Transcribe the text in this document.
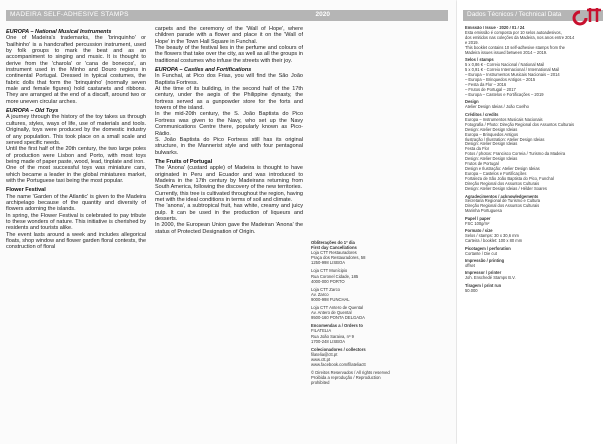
MADEIRA SELF-ADHESIVE STAMPS	2020	Dados Técnicos / Technical Data
EUROPA – National Musical Instruments

One of Madeira's trademarks, the 'brinquinho' or 'bailhinho' is a handcrafted percussion instrument, used by folk groups to mark the beat and as an accompaniment to singing and music. It is thought to derive from the 'charola' or 'cana de bonecos', an instrument used in the Minho and Douro regions in continental Portugal. Dressed in typical costumes, the fabric dolls that form the 'brinquinho' (normally seven male and female figures) hold castanets and ribbons. They are arranged at the end of a discaff, around two or more uneven circular arches.

EUROPA – Old Toys

A journey through the history of the toy takes us through cultures, styles, ways of life, use of materials and tools. Originally, toys were produced by the domestic industry of any population. This took place on a small scale and served specific needs.

Until the first half of the 20th century, the two large poles of production were Lisbon and Porto, with most toys being made of paper paste, wood, lead, tinplate and iron.

One of the most successful toys was miniature cars, which became a leader in the global miniatures market, with the Portuguese taxi being the most popular.

Flower Festival

The name 'Garden of the Atlantic' is given to the Madeira archipelago because of the quantity and diversity of flowers adorning the islands.

In spring, the Flower Festival is celebrated to pay tribute to these wonders of nature. This initiative is cherished by residents and tourists alike.

The event lasts around a week and includes allegorical floats, shop window and flower garden floral contests, the construction of floral

carpets and the ceremony of the 'Wall of Hope', where children parade with a flower and place it on the 'Wall of Hope' in the Town Hall Square in Funchal.

The beauty of the festival lies in the perfume and colours of the flowers that take over the city, as well as all the groups in traditional costumes who infuse the streets with their joy.

EUROPA – Castles and Fortifications

In Funchal, at Pico dos Frias, you will find the São João Baptista Fortress.

At the time of its building, in the second half of the 17th century, under the aegis of the Philippine dynasty, the fortress served as a gunpowder store for the forts and towers of the island.

In the mid-20th century, the S. João Baptista do Pico Fortress was given to the Navy, who set up the Navy Communications Centre there, popularly known as Pico-Rádio.

S. João Baptista do Pico Fortress still has its original structure, in the Mannerist style and with four pentagonal bulwarks.

The Fruits of Portugal

The 'Anona' (custard apple) of Madeira is thought to have originated in Peru and Ecuador and was introduced to Madeira in the 17th century by Madeirans returning from South America, following the discovery of the new territories.

Currently, this tree is cultivated throughout the region, having met with the ideal conditions in terms of soil and climate.

The 'anona', a subtropical fruit, has white, creamy and juicy pulp. It can be used in the production of liqueurs and desserts.

In 2000, the European Union gave the Madeiran 'Anona' the status of Protected Designation of Origin.

Obliterações do 1º dia
First day Cancellations
Loja CTT Restauradores
Praça dos Restauradores, 58
1250-998 LISBOA
Loja CTT Munícipio
Rua Coronel Cidade, 185
4000-000 PORTO
Loja CTT Zarco
Av. Zarco
9000-998 FUNCHAL
Loja CTT Antero de Quental
Av. Antero de Quental
9500-160 PONTA DELGADA
Encomendas a / Orders to
FILATELIA
Rua João Saraiva, nº 9
1700-248 LISBOA
Colecionadores / collectors
filatelia@ctt.pt
www.ctt.pt
www.facebook.com/filateliactt
© Direitos Reservados / All rights reserved
Proibida a reprodução / Reproduction prohibited
Emissão / Issue · 2020 / 01 / 24
Esta emissão é composta por 10 selos autoadesivos,
dos emitidos nas coleções da Madeira, nos anos entre 2014
e 2019.
This booklet contains 10 self-adhesive stamps from the
Madeira issues issued between 2014 – 2019.
Selos / stamps
5 x 0,86 € - Correio Nacional / National Mail
5 x 0,91 € - Correio Internacional / International Mail
– Europa – Instrumentos Musicais Nacionais – 2014
– Europa – Brinquedos Antigos – 2015
– Festa da Flor – 2016
– Frutos de Portugal – 2017
– Europa – Castelos e Fortificações – 2019
Design
Atelier Design Ideias / João Coelho
Créditos / credits
Europa – Instrumentos Musicais Nacionais
Fotografia / Photo: Direção Regional dos Assuntos Culturais
Design: Atelier Design Ideias
Europa – Brinquedos Antigos
Ilustração / Illustration: Atelier Design Ideias
Design: Atelier Design Ideias
Festa da Flor
Fotos / photos: Francisco Correia / Turismo da Madeira
Design: Atelier Design Ideias
Frutos de Portugal
Design e Ilustração: Atelier Design Ideias
Europa – Castelos e Fortificações
Fortaleza de São João Baptista do Pico, Funchal
Direção Regional dos Assuntos Culturais
Design: Atelier Design Ideias / Hélder Soares
Agradecimentos / acknowledgements
Secretaria Regional de Turismo e Cultura
Direção Regional dos Assuntos Culturais
Marinha Portuguesa
Papel / paper
FSC 100g/m²
Formato / size
Selos / stamps: 30 x 30,6 mm
Carteira / booklet: 100 x 80 mm
Picotagem / perforation
Cortante / Die cut
Impressão / printing
offset
Impressor / printer
Joh. Enschedé Stamps B.V.
Tiragem / print run
50.000
